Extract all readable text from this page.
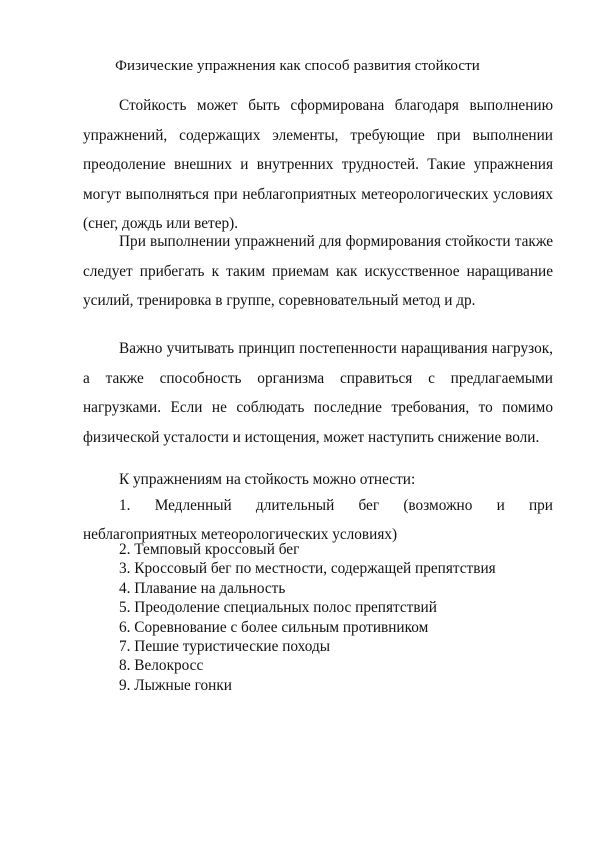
Физические упражнения как способ развития стойкости

Стойкость может быть сформирована благодаря выполнению упражнений, содержащих элементы, требующие при выполнении преодоление внешних и внутренних трудностей. Такие упражнения могут выполняться при неблагоприятных метеорологических условиях (снег, дождь или ветер).

При выполнении упражнений для формирования стойкости также следует прибегать к таким приемам как искусственное наращивание усилий, тренировка в группе, соревновательный метод и др.

Важно учитывать принцип постепенности наращивания нагрузок, а также способность организма справиться с предлагаемыми нагрузками. Если не соблюдать последние требования, то помимо физической усталости и истощения, может наступить снижение воли.

К упражнениям на стойкость можно отнести:
1. Медленный длительный бег (возможно и при
неблагоприятных метеорологических условиях)
2. Темповый кроссовый бег
3. Кроссовый бег по местности, содержащей препятствия
4. Плавание на дальность
5. Преодоление специальных полос препятствий
6. Соревнование с более сильным противником
7. Пешие туристические походы
8. Велокросс
9. Лыжные гонки
